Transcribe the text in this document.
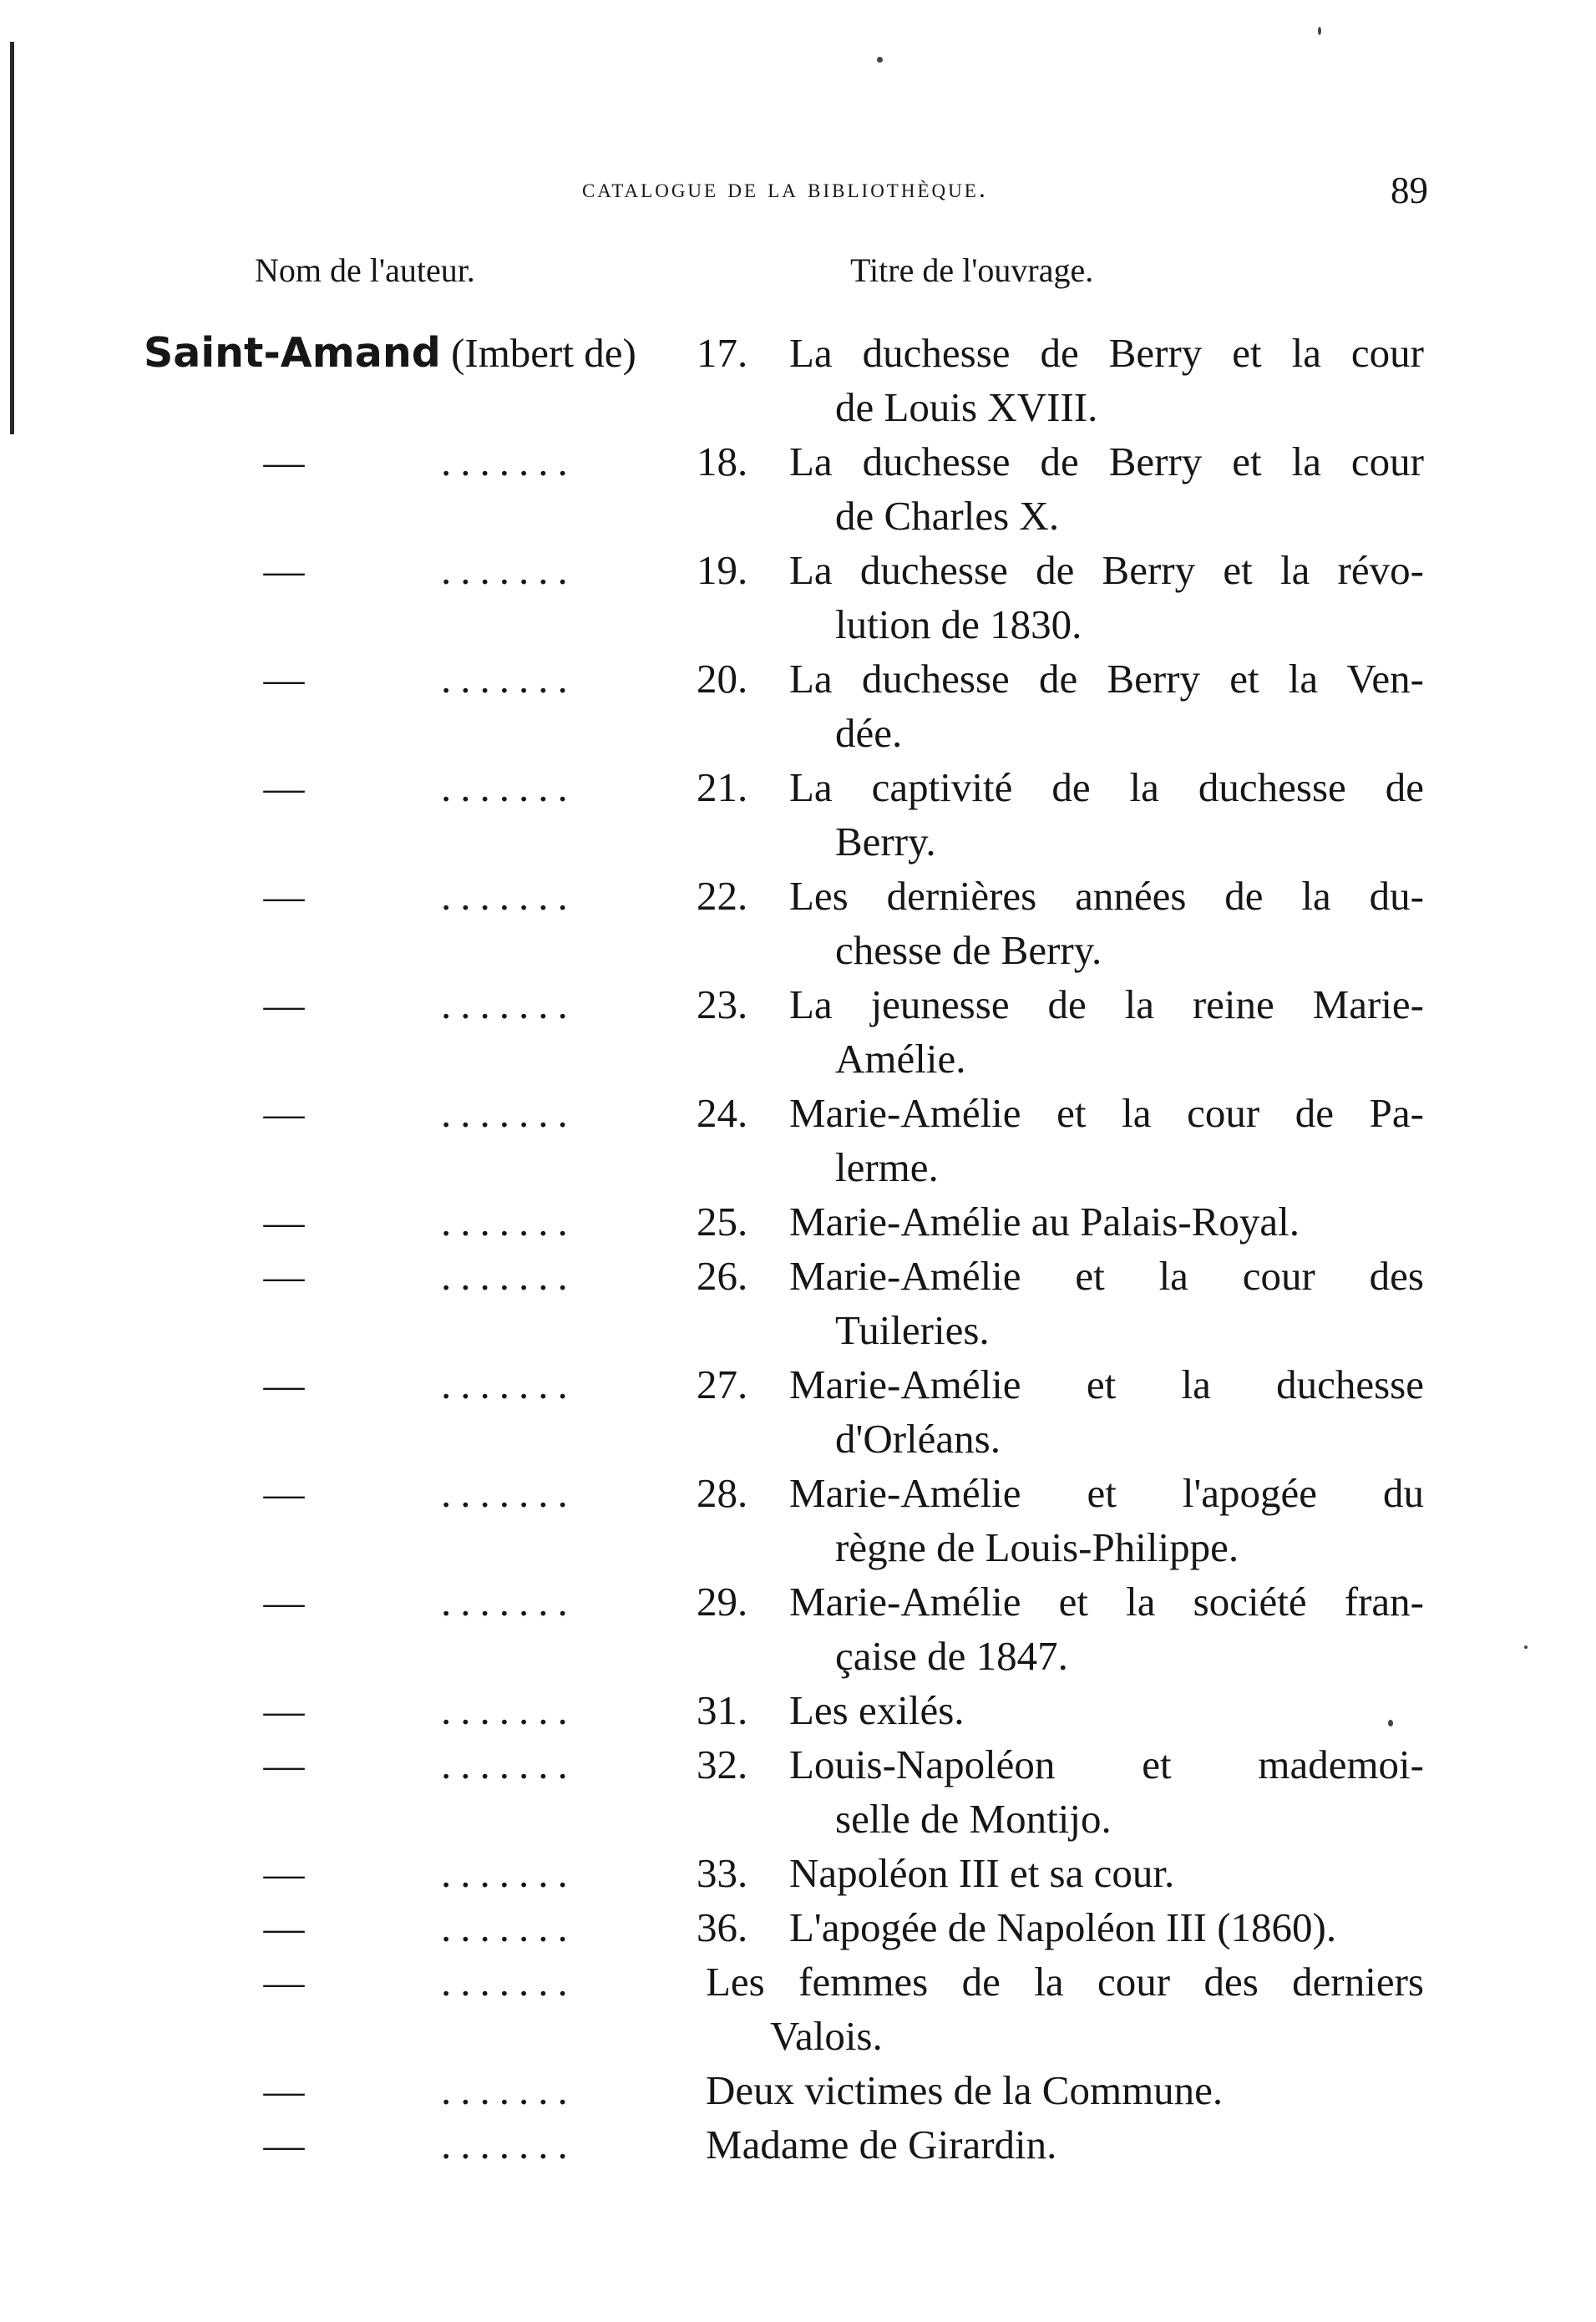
catalogue de la bibliothèque.	89
Nom de l'auteur.	Titre de l'ouvrage.
Saint-Amand (Imbert de) 17. La duchesse de Berry et la cour
de Louis XVIII.
—	.......	18. La duchesse de Berry et la cour
de Charles X.
—	.......	19. La duchesse de Berry et la révo-
lution de 1830.
—	.......	20. La duchesse de Berry et la Ven-
dée.
—	.......	21. La captivité de la duchesse de
Berry.
—	.......	22. Les dernières années de la du-
chesse de Berry.
—	.......	23. La jeunesse de la reine Marie-
Amélie.
—	.......	24. Marie-Amélie et la cour de Pa-
lerme.
—	.......	25. Marie-Amélie au Palais-Royal.
—	.......	26. Marie-Amélie et la cour des
Tuileries.
—	.......	27. Marie-Amélie et la duchesse
d'Orléans.
—	.......	28. Marie-Amélie et l'apogée du
règne de Louis-Philippe.
—	.......	29. Marie-Amélie et la société fran-
çaise de 1847.
—	.......	31. Les exilés.
—	.......	32. Louis-Napoléon et mademoi-
selle de Montijo.
—	.......	33. Napoléon III et sa cour.
—	.......	36. L'apogée de Napoléon III (1860).
—	.......	Les femmes de la cour des derniers
Valois.
—	.......	Deux victimes de la Commune.
—	.......	Madame de Girardin.
